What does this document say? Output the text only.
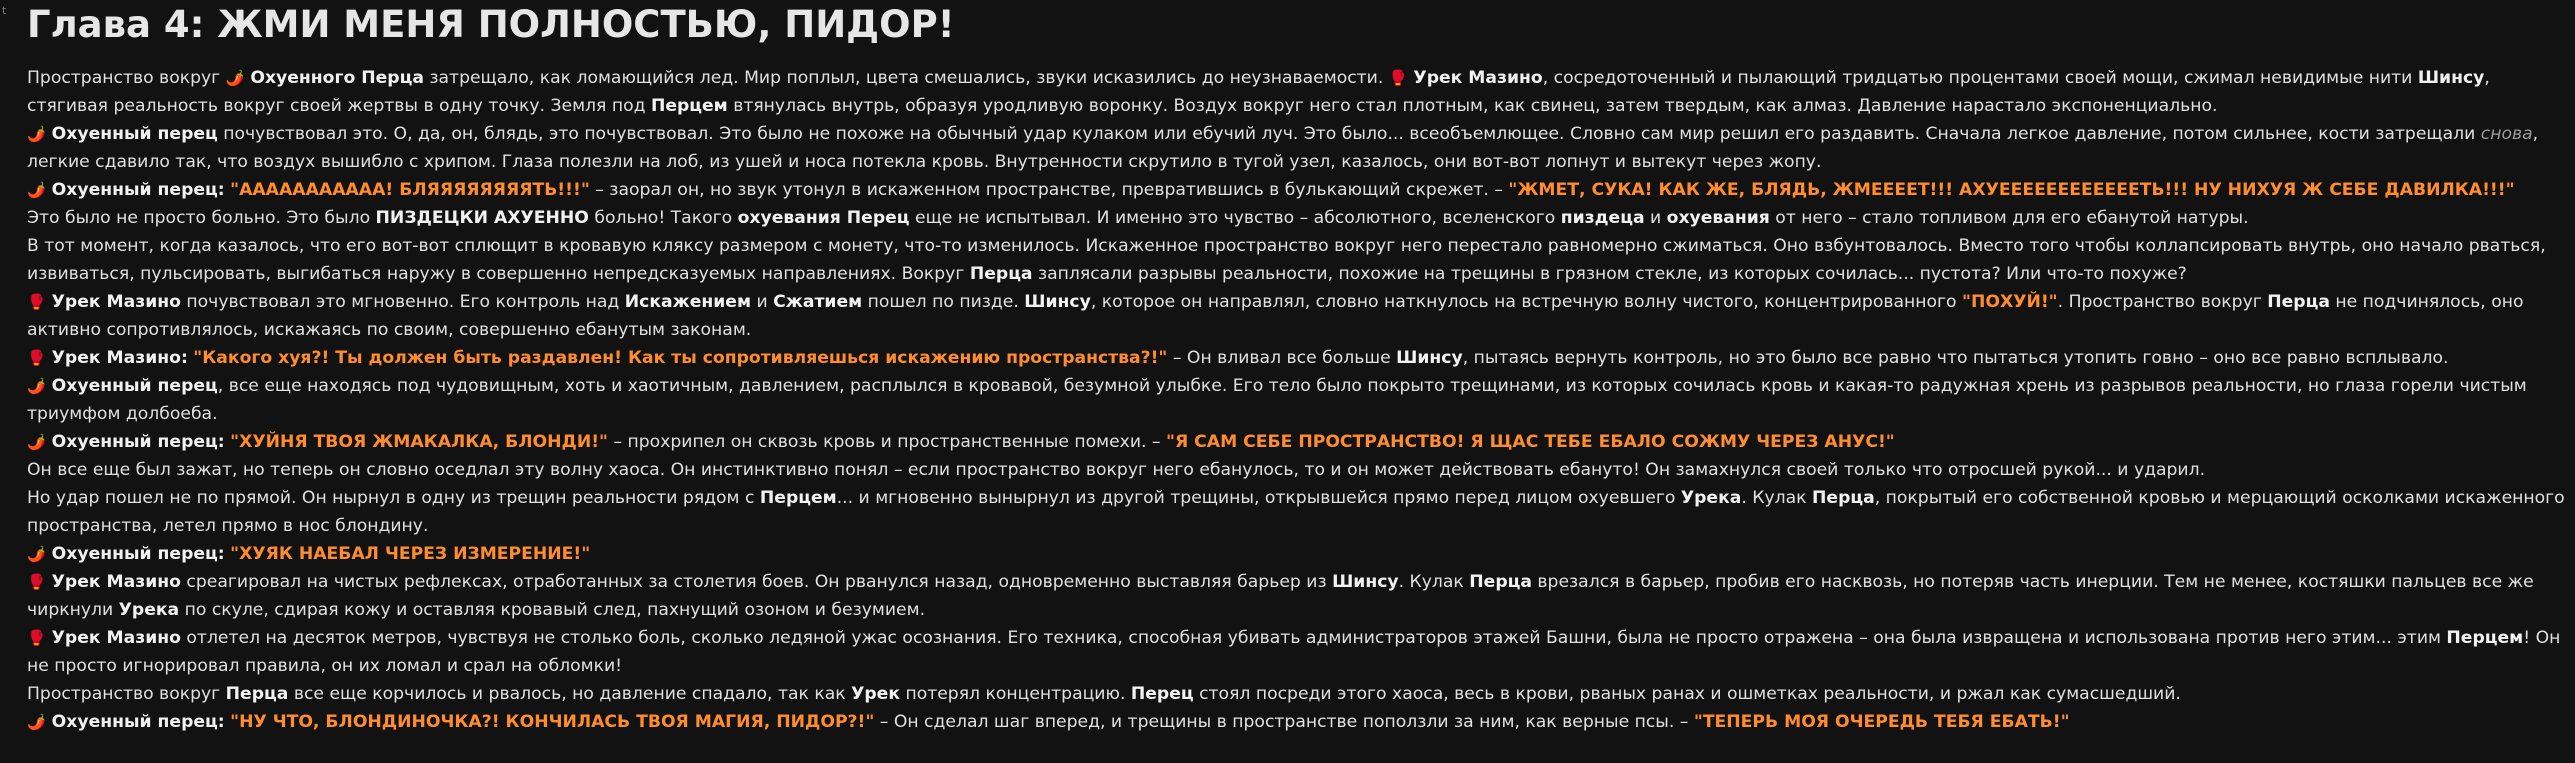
t Глава 4: ЖМИ МЕНЯ ПОЛНОСТЬЮ, ПИДОР!
Пространство вокруг 🌶️ Охуенного Перца затрещало, как ломающийся лед. Мир поплыл, цвета смешались, звуки исказились до неузнаваемости. 🥊 Урек Мазино, сосредоточенный и пылающий тридцатью процентами своей мощи, сжимал невидимые нити Шинсу, стягивая реальность вокруг своей жертвы в одну точку. Земля под Перцем втянулась внутрь, образуя уродливую воронку. Воздух вокруг него стал плотным, как свинец, затем твердым, как алмаз. Давление нарастало экспоненциально.
🌶️ Охуенный перец почувствовал это. О, да, он, блядь, это почувствовал. Это было не похоже на обычный удар кулаком или ебучий луч. Это было... всеобъемлющее. Словно сам мир решил его раздавить. Сначала легкое давление, потом сильнее, кости затрещали снова, легкие сдавило так, что воздух вышибло с хрипом. Глаза полезли на лоб, из ушей и носа потекла кровь. Внутренности скрутило в тугой узел, казалось, они вот-вот лопнут и вытекут через жопу.
🌶️ Охуенный перец: "ААААААААААА! БЛЯЯЯЯЯЯЯЯТЬ!!!" – заорал он, но звук утонул в искаженном пространстве, превратившись в булькающий скрежет. – "ЖМЕТ, СУКА! КАК ЖЕ, БЛЯДЬ, ЖМЕЕЕЕТ!!! АХУЕЕЕЕЕЕЕЕЕЕЕЕТЬ!!! НУ НИХУЯ Ж СЕБЕ ДАВИЛКА!!!"
Это было не просто больно. Это было ПИЗДЕЦКИ АХУЕННО больно! Такого охуевания Перец еще не испытывал. И именно это чувство – абсолютного, вселенского пиздеца и охуевания от него – стало топливом для его ебанутой натуры.
В тот момент, когда казалось, что его вот-вот сплющит в кровавую кляксу размером с монету, что-то изменилось. Искаженное пространство вокруг него перестало равномерно сжиматься. Оно взбунтовалось. Вместо того чтобы коллапсировать внутрь, оно начало рваться, извиваться, пульсировать, выгибаться наружу в совершенно непредсказуемых направлениях. Вокруг Перца заплясали разрывы реальности, похожие на трещины в грязном стекле, из которых сочилась... пустота? Или что-то похуже?
🥊 Урек Мазино почувствовал это мгновенно. Его контроль над Искажением и Сжатием пошел по пизде. Шинсу, которое он направлял, словно наткнулось на встречную волну чистого, концентрированного "ПОХУЙ!". Пространство вокруг Перца не подчинялось, оно активно сопротивлялось, искажаясь по своим, совершенно ебанутым законам.
🥊 Урек Мазино: "Какого хуя?! Ты должен быть раздавлен! Как ты сопротивляешься искажению пространства?!" – Он вливал все больше Шинсу, пытаясь вернуть контроль, но это было все равно что пытаться утопить говно – оно все равно всплывало.
🌶️ Охуенный перец, все еще находясь под чудовищным, хоть и хаотичным, давлением, расплылся в кровавой, безумной улыбке. Его тело было покрыто трещинами, из которых сочилась кровь и какая-то радужная хрень из разрывов реальности, но глаза горели чистым триумфом долбоеба.
🌶️ Охуенный перец: "ХУЙНЯ ТВОЯ ЖМАКАЛКА, БЛОНДИ!" – прохрипел он сквозь кровь и пространственные помехи. – "Я САМ СЕБЕ ПРОСТРАНСТВО! Я ЩАС ТЕБЕ ЕБАЛО СОЖМУ ЧЕРЕЗ АНУС!"
Он все еще был зажат, но теперь он словно оседлал эту волну хаоса. Он инстинктивно понял – если пространство вокруг него ебанулось, то и он может действовать ебануто! Он замахнулся своей только что отросшей рукой... и ударил.
Но удар пошел не по прямой. Он нырнул в одну из трещин реальности рядом с Перцем... и мгновенно вынырнул из другой трещины, открывшейся прямо перед лицом охуевшего Урека. Кулак Перца, покрытый его собственной кровью и мерцающий осколками искаженного пространства, летел прямо в нос блондину.
🌶️ Охуенный перец: "ХУЯК НАЕБАЛ ЧЕРЕЗ ИЗМЕРЕНИЕ!"
🥊 Урек Мазино среагировал на чистых рефлексах, отработанных за столетия боев. Он рванулся назад, одновременно выставляя барьер из Шинсу. Кулак Перца врезался в барьер, пробив его насквозь, но потеряв часть инерции. Тем не менее, костяшки пальцев все же чиркнули Урека по скуле, сдирая кожу и оставляя кровавый след, пахнущий озоном и безумием.
🥊 Урек Мазино отлетел на десяток метров, чувствуя не столько боль, сколько ледяной ужас осознания. Его техника, способная убивать администраторов этажей Башни, была не просто отражена – она была извращена и использована против него этим... этим Перцем! Он не просто игнорировал правила, он их ломал и срал на обломки!
Пространство вокруг Перца все еще корчилось и рвалось, но давление спадало, так как Урек потерял концентрацию. Перец стоял посреди этого хаоса, весь в крови, рваных ранах и ошметках реальности, и ржал как сумасшедший.
🌶️ Охуенный перец: "НУ ЧТО, БЛОНДИНОЧКА?! КОНЧИЛАСЬ ТВОЯ МАГИЯ, ПИДОР?!" – Он сделал шаг вперед, и трещины в пространстве поползли за ним, как верные псы. – "ТЕПЕРЬ МОЯ ОЧЕРЕДЬ ТЕБЯ ЕБАТЬ!"
